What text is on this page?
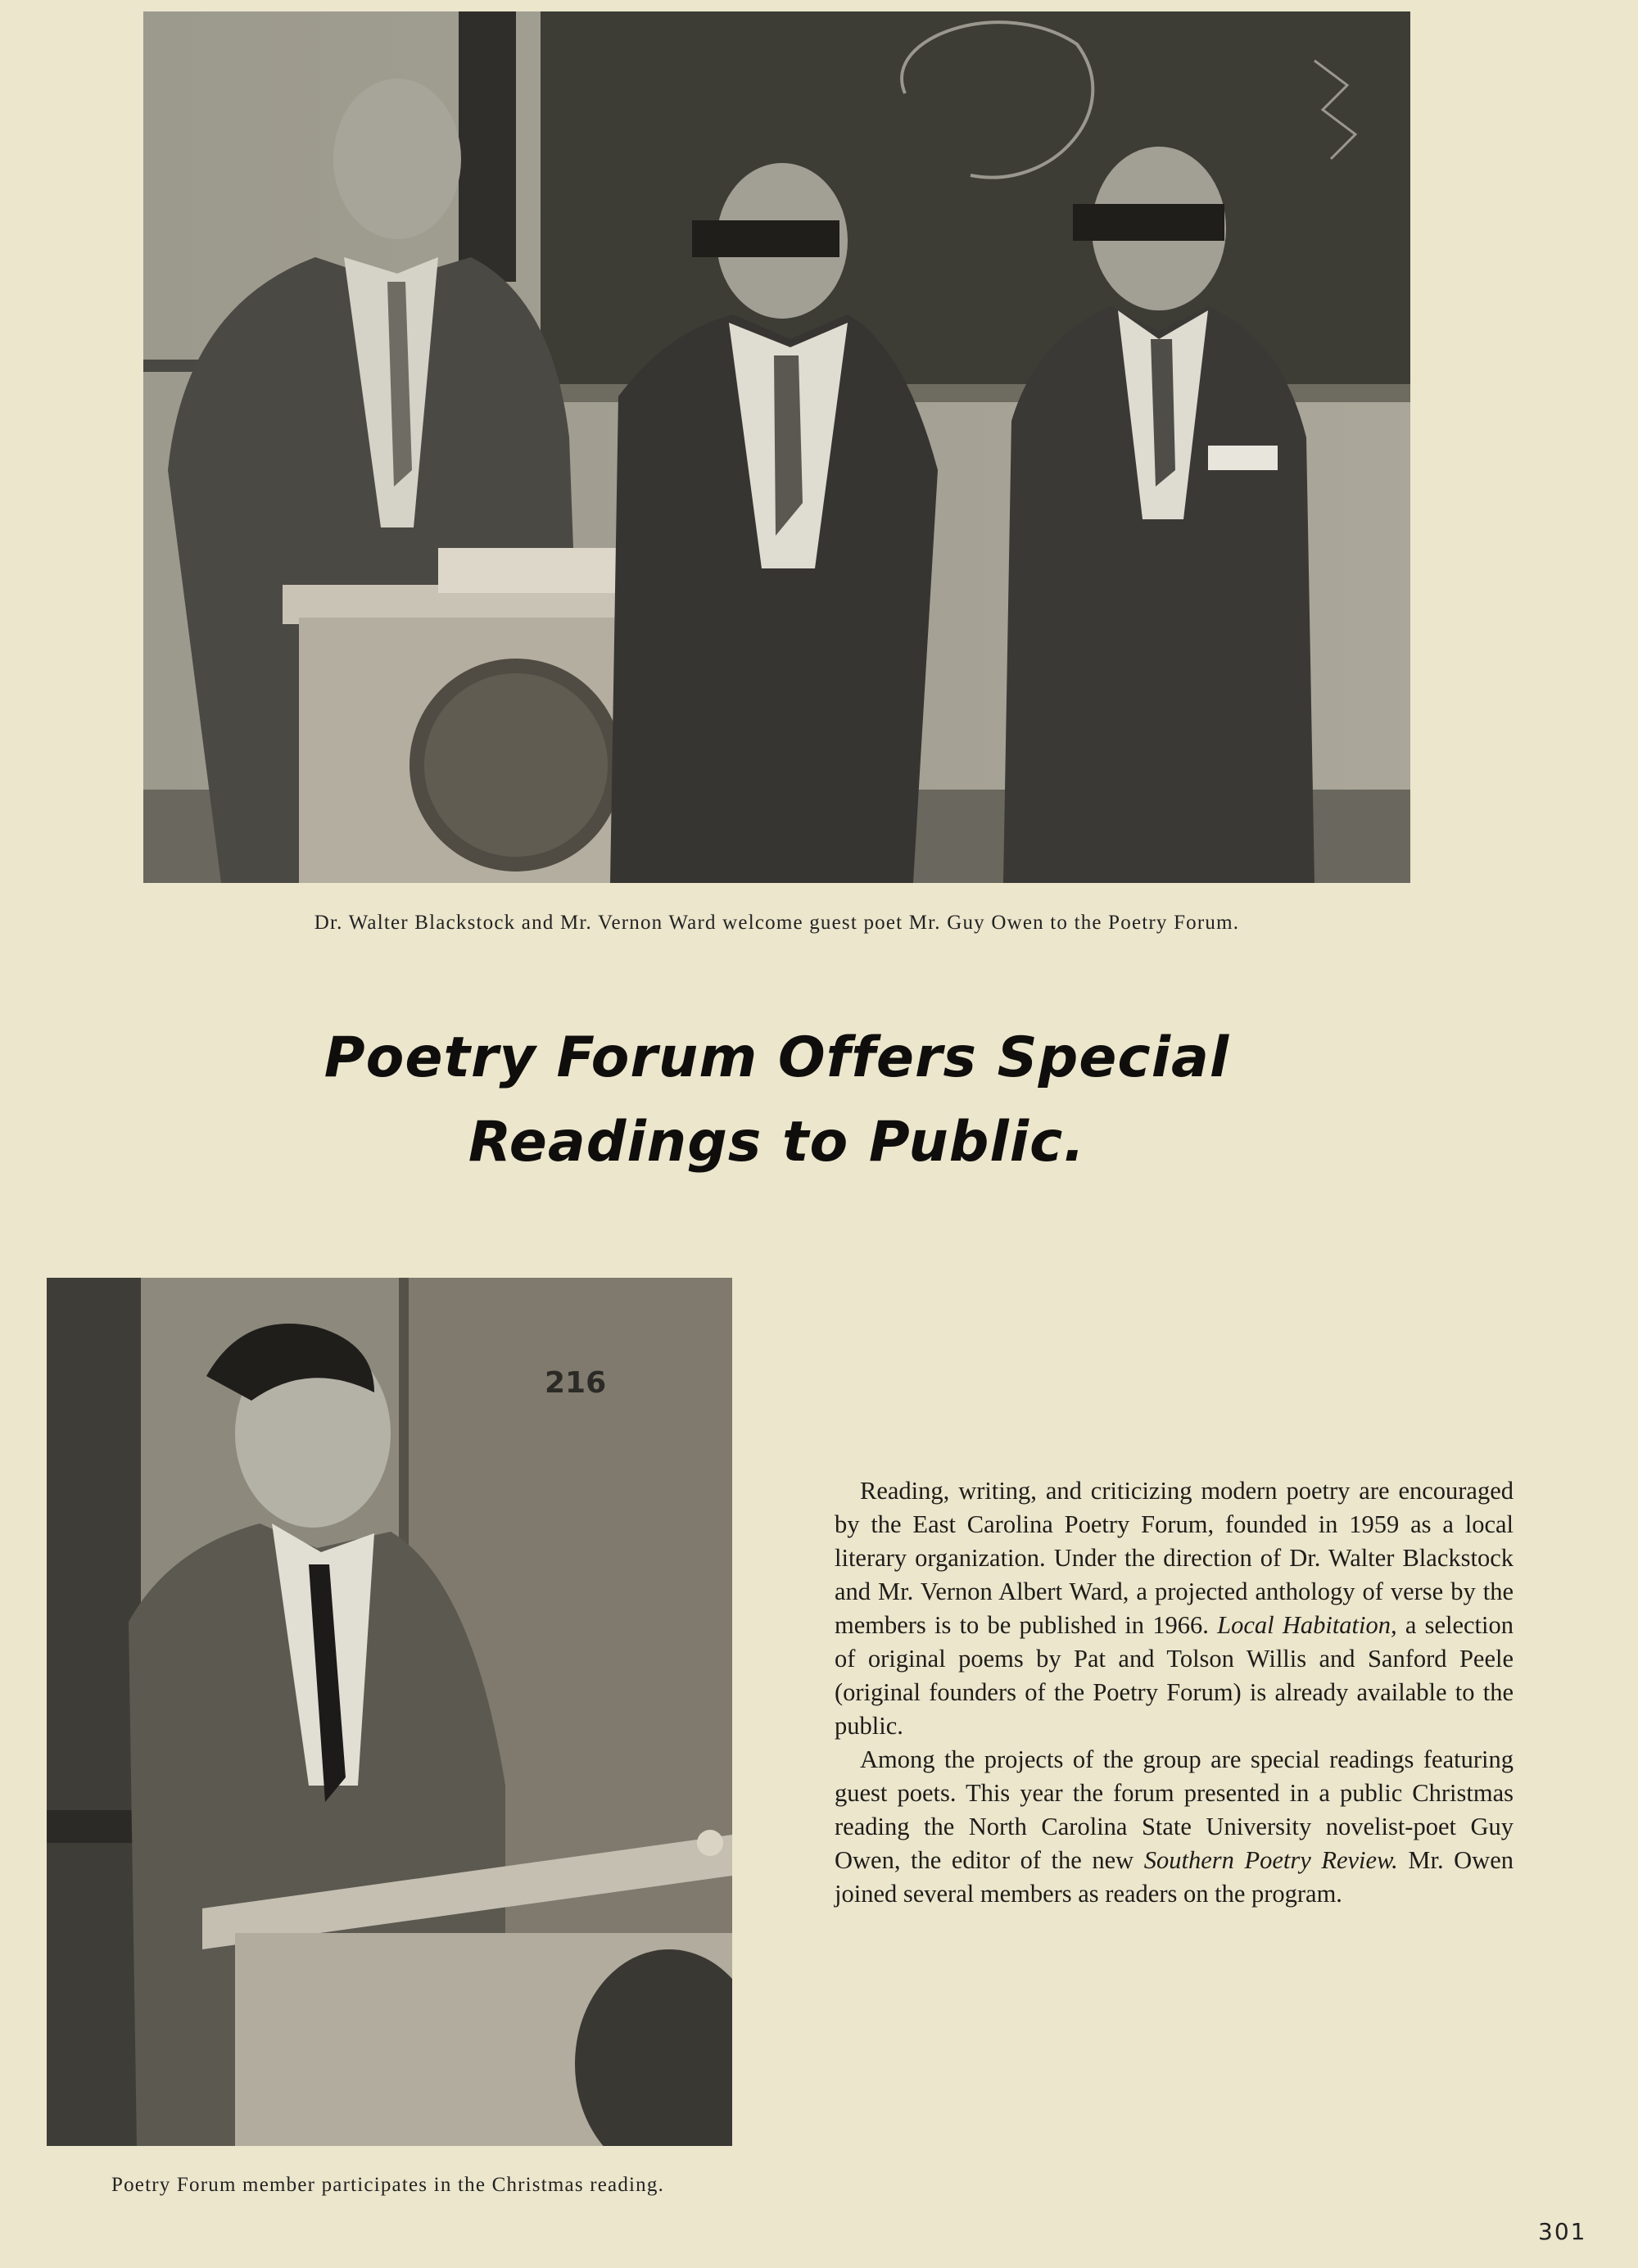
Dr. Walter Blackstock and Mr. Vernon Ward welcome guest poet Mr. Guy Owen to the Poetry Forum.
Poetry Forum Offers Special
Readings to Public.
216
Poetry Forum member participates in the Christmas reading.

Reading, writing, and criticizing modern poetry are encouraged by the East Carolina Poetry Forum, founded in 1959 as a local literary organization. Under the direction of Dr. Walter Blackstock and Mr. Vernon Albert Ward, a projected anthology of verse by the members is to be published in 1966. Local Habitation, a selection of original poems by Pat and Tolson Willis and Sanford Peele (original founders of the Poetry Forum) is already available to the public.

Among the projects of the group are special readings featuring guest poets. This year the forum presented in a public Christmas reading the North Carolina State University novelist-poet Guy Owen, the editor of the new Southern Poetry Review. Mr. Owen joined several members as readers on the program.

301
